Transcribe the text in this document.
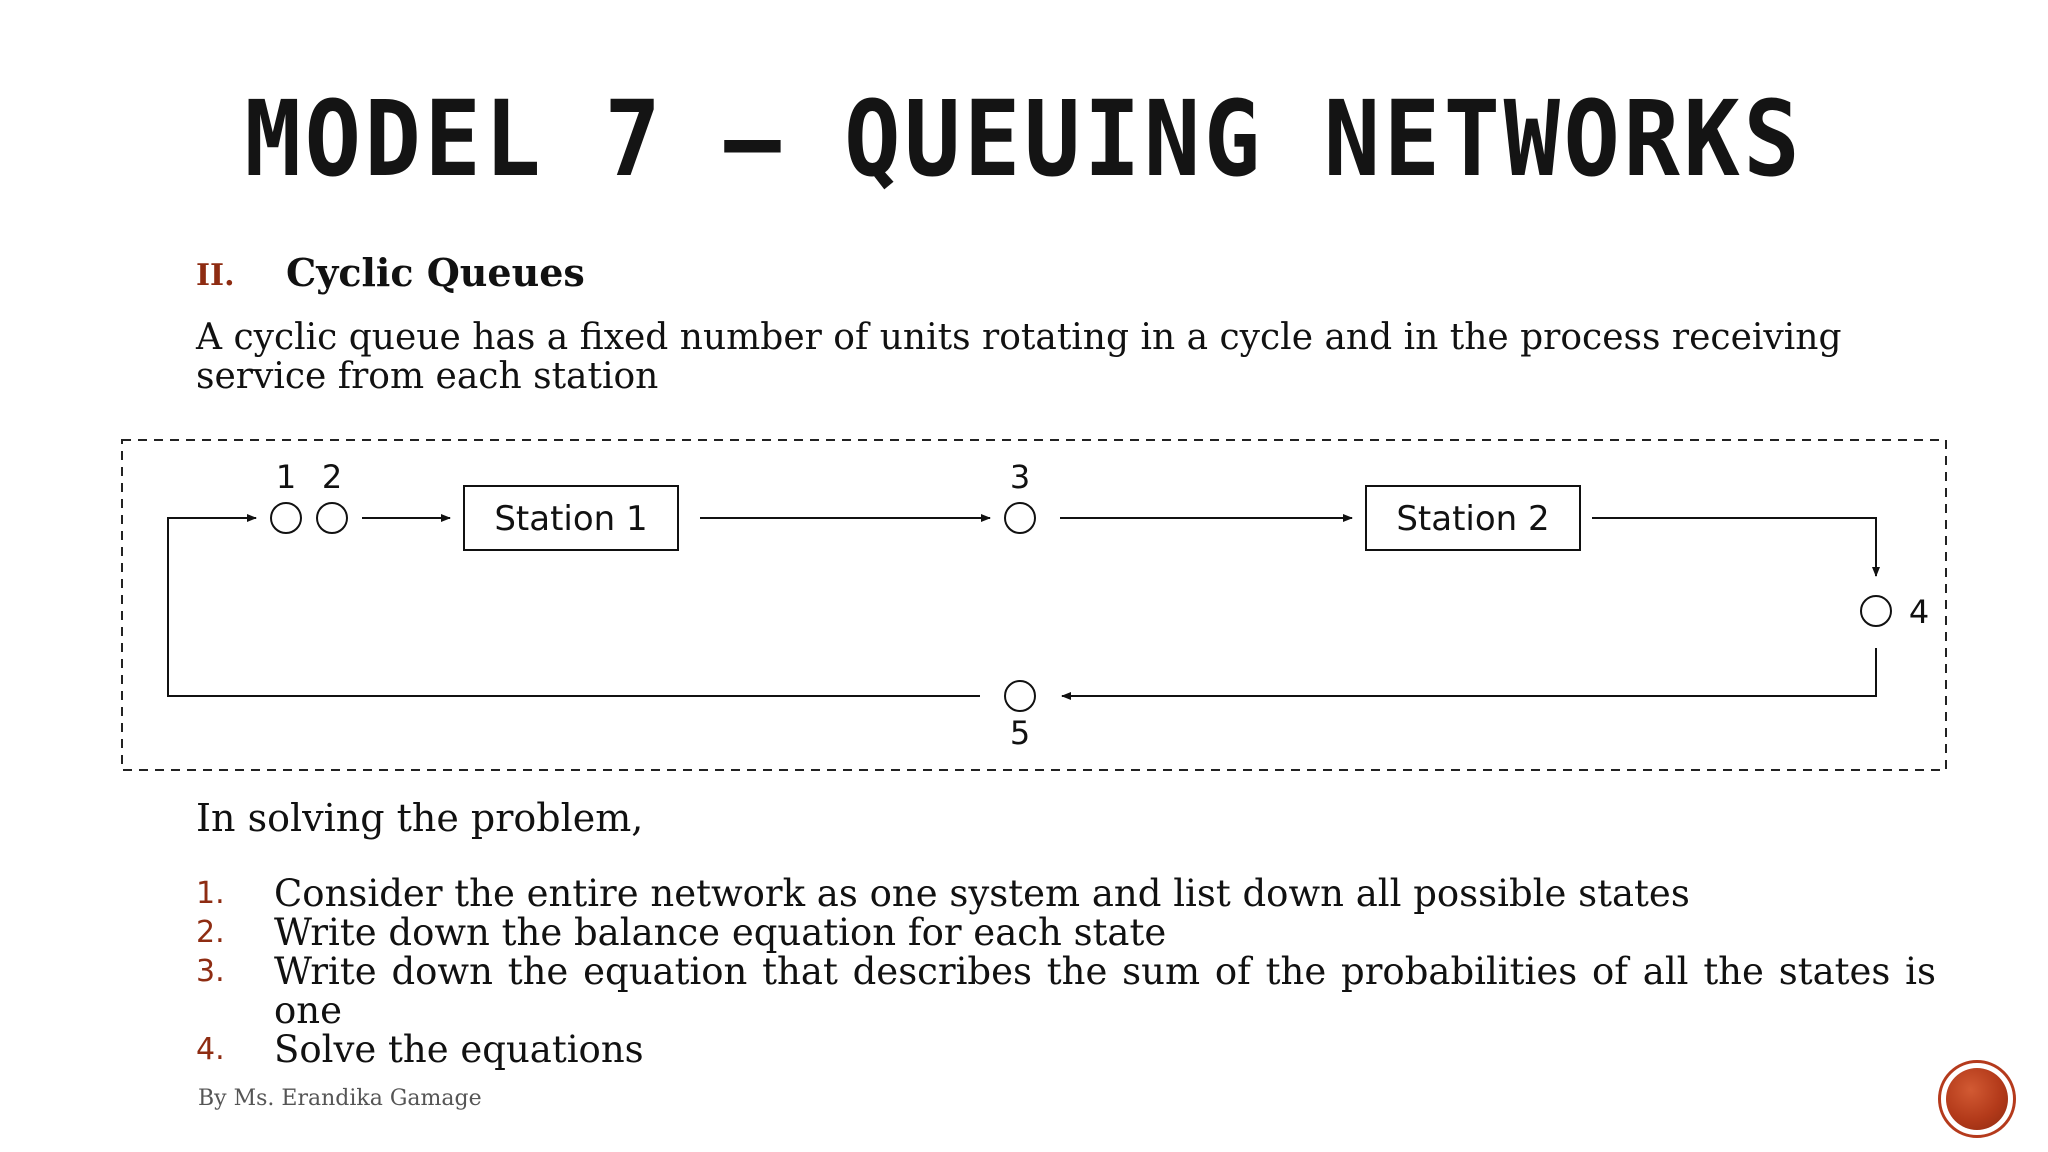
MODEL 7 – QUEUING NETWORKS
II. Cyclic Queues
A cyclic queue has a fixed number of units rotating in a cycle and in the process receiving service from each station
1 2
Station 1
3
Station 2
4
5
In solving the problem,
1. Consider the entire network as one system and list down all possible states
2. Write down the balance equation for each state
3. Write down the equation that describes the sum of the probabilities of all the states is one
4. Solve the equations
By Ms. Erandika Gamage
